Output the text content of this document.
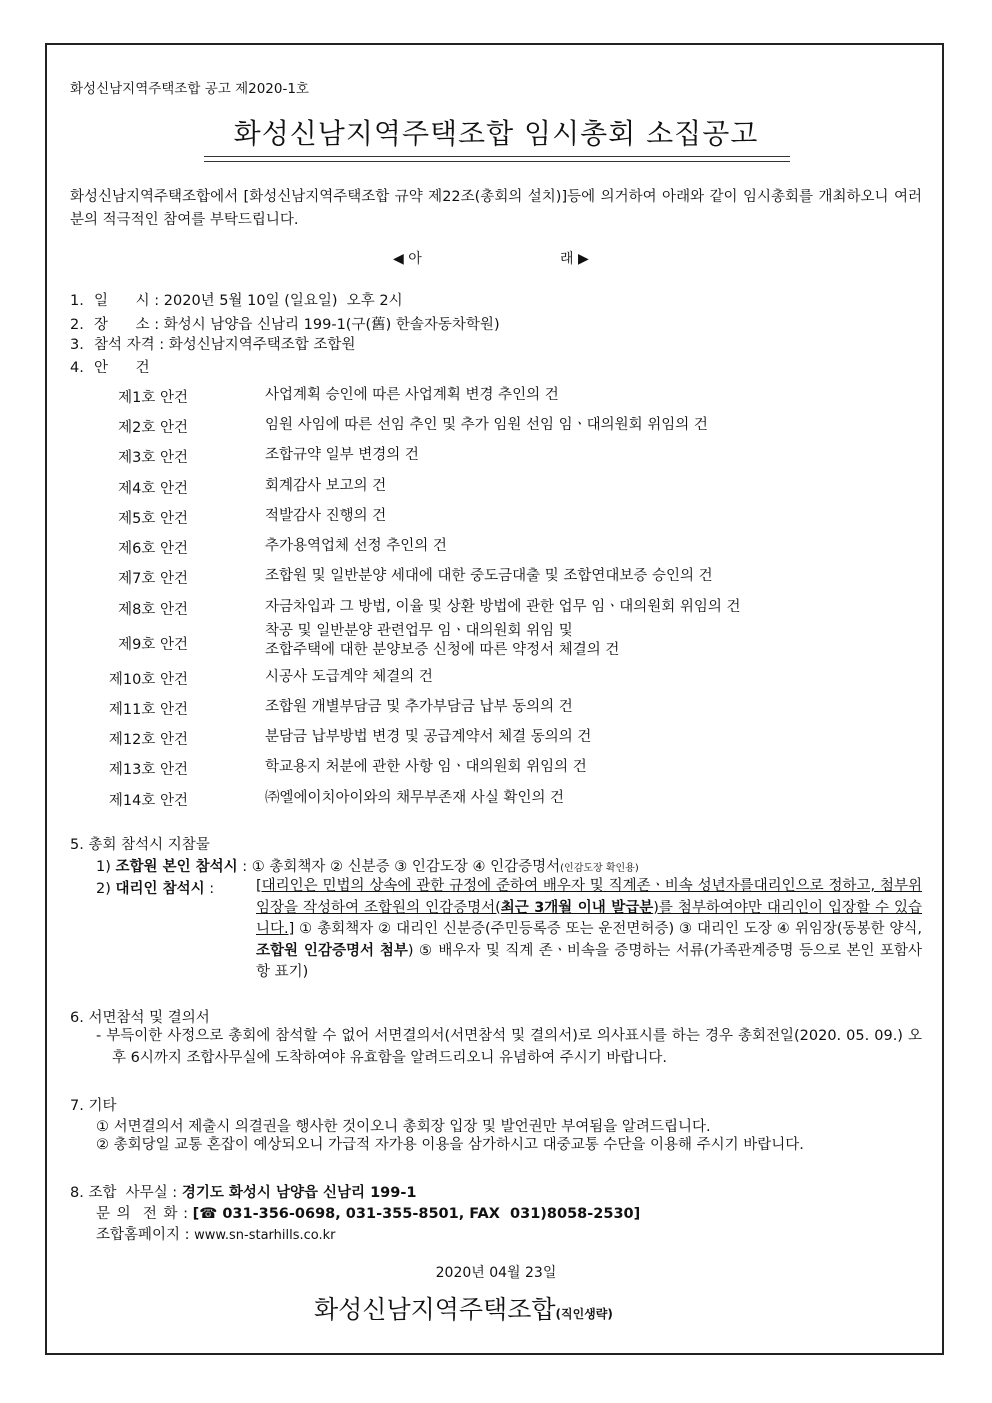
화성신남지역주택조합 공고 제2020-1호
화성신남지역주택조합 임시총회 소집공고
화성신남지역주택조합에서 [화성신남지역주택조합 규약 제22조(총회의 설치)]등에 의거하여 아래와 같이 임시총회를 개최하오니 여러분의 적극적인 참여를 부탁드립니다.
◀ 아	래 ▶
1. 일      시 : 2020년 5월 10일 (일요일)  오후 2시
2. 장      소 : 화성시 남양읍 신남리 199-1(구(舊) 한솔자동차학원)
3. 참석 자격 : 화성신남지역주택조합 조합원
4. 안      건
제1호 안건	사업계획 승인에 따른 사업계획 변경 추인의 건
제2호 안건	임원 사임에 따른 선임 추인 및 추가 임원 선임 임ㆍ대의원회 위임의 건
제3호 안건	조합규약 일부 변경의 건
제4호 안건	회계감사 보고의 건
제5호 안건	적발감사 진행의 건
제6호 안건	추가용역업체 선정 추인의 건
제7호 안건	조합원 및 일반분양 세대에 대한 중도금대출 및 조합연대보증 승인의 건
제8호 안건	자금차입과 그 방법, 이율 및 상환 방법에 관한 업무 임ㆍ대의원회 위임의 건
제9호 안건
착공 및 일반분양 관련업무 임ㆍ대의원회 위임 및
조합주택에 대한 분양보증 신청에 따른 약정서 체결의 건
제10호 안건	시공사 도급계약 체결의 건
제11호 안건	조합원 개별부담금 및 추가부담금 납부 동의의 건
제12호 안건	분담금 납부방법 변경 및 공급계약서 체결 동의의 건
제13호 안건	학교용지 처분에 관한 사항 임ㆍ대의원회 위임의 건
제14호 안건	㈜엘에이치아이와의 채무부존재 사실 확인의 건
5. 총회 참석시 지참물
1) 조합원 본인 참석시 : ① 총회책자 ② 신분증 ③ 인감도장 ④ 인감증명서(인감도장 확인용)
2) 대리인 참석시 :	[대리인은 민법의 상속에 관한 규정에 준하여 배우자 및 직계존ㆍ비속 성년자를대리인으로 정하고, 첨부위임장을 작성하여 조합원의 인감증명서(최근 3개월 이내 발급분)를 첨부하여야만 대리인이 입장할 수 있습니다.] ① 총회책자 ② 대리인 신분증(주민등록증 또는 운전면허증) ③ 대리인 도장 ④ 위임장(동봉한 양식, 조합원 인감증명서 첨부) ⑤ 배우자 및 직계 존ㆍ비속을 증명하는 서류(가족관계증명 등으로 본인 포함사항 표기)
6. 서면참석 및 결의서
- 부득이한 사정으로 총회에 참석할 수 없어 서면결의서(서면참석 및 결의서)로 의사표시를 하는 경우 총회전일(2020. 05. 09.) 오후 6시까지 조합사무실에 도착하여야 유효함을 알려드리오니 유념하여 주시기 바랍니다.
7. 기타
① 서면결의서 제출시 의결권을 행사한 것이오니 총회장 입장 및 발언권만 부여됨을 알려드립니다.
② 총회당일 교통 혼잡이 예상되오니 가급적 자가용 이용을 삼가하시고 대중교통 수단을 이용해 주시기 바랍니다.
8. 조합  사무실 : 경기도 화성시 남양읍 신남리 199-1
문 의  전 화 : [☎ 031-356-0698, 031-355-8501, FAX  031)8058-2530]
조합홈페이지 : www.sn-starhills.co.kr
2020년 04월 23일
화성신남지역주택조합(직인생략)
